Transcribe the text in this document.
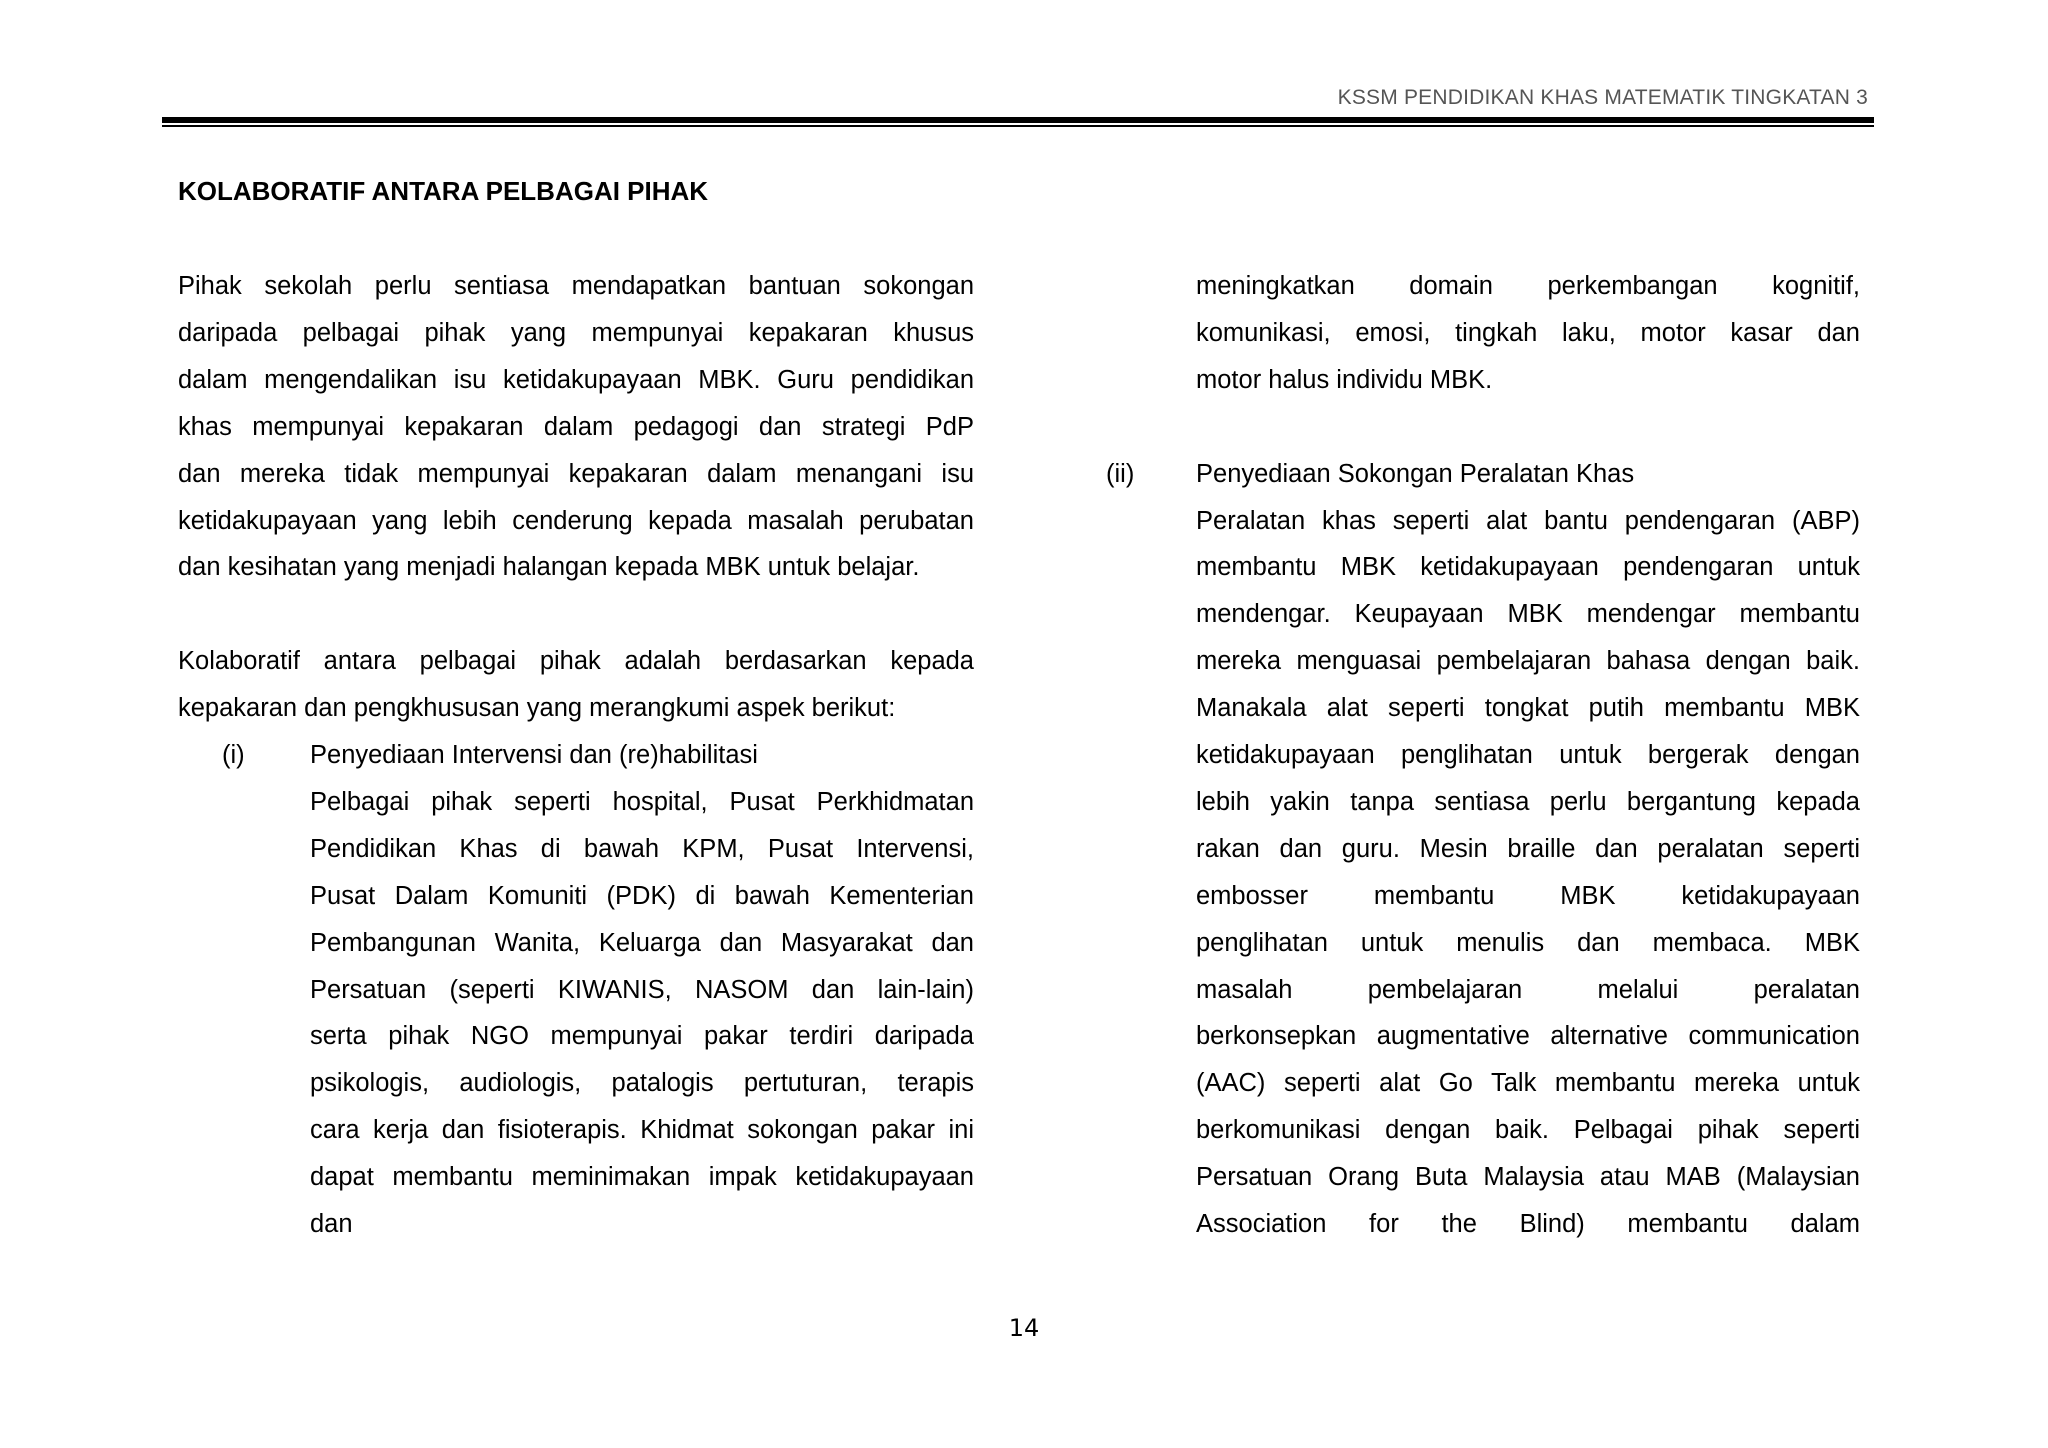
KSSM PENDIDIKAN KHAS MATEMATIK TINGKATAN 3
KOLABORATIF ANTARA PELBAGAI PIHAK

Pihak sekolah perlu sentiasa mendapatkan bantuan sokongan

daripada pelbagai pihak yang mempunyai kepakaran khusus

dalam mengendalikan isu ketidakupayaan MBK. Guru pendidikan

khas mempunyai kepakaran dalam pedagogi dan strategi PdP

dan mereka tidak mempunyai kepakaran dalam menangani isu

ketidakupayaan yang lebih cenderung kepada masalah perubatan

dan kesihatan yang menjadi halangan kepada MBK untuk belajar.

Kolaboratif antara pelbagai pihak adalah berdasarkan kepada

kepakaran dan pengkhususan yang merangkumi aspek berikut:

(i)	Penyediaan Intervensi dan (re)habilitasi

Pelbagai pihak seperti hospital, Pusat Perkhidmatan

Pendidikan Khas di bawah KPM, Pusat Intervensi,

Pusat Dalam Komuniti (PDK) di bawah Kementerian

Pembangunan Wanita, Keluarga dan Masyarakat dan

Persatuan (seperti KIWANIS, NASOM dan lain-lain)

serta pihak NGO mempunyai pakar terdiri daripada

psikologis, audiologis, patalogis pertuturan, terapis

cara kerja dan fisioterapis. Khidmat sokongan pakar ini

dapat membantu meminimakan impak ketidakupayaan

dan

(ii)

meningkatkan domain perkembangan kognitif,

komunikasi, emosi, tingkah laku, motor kasar dan

motor halus individu MBK.

Penyediaan Sokongan Peralatan Khas

Peralatan khas seperti alat bantu pendengaran (ABP)

membantu MBK ketidakupayaan pendengaran untuk

mendengar. Keupayaan MBK mendengar membantu

mereka menguasai pembelajaran bahasa dengan baik.

Manakala alat seperti tongkat putih membantu MBK

ketidakupayaan penglihatan untuk bergerak dengan

lebih yakin tanpa sentiasa perlu bergantung kepada

rakan dan guru. Mesin braille dan peralatan seperti

embosser membantu MBK ketidakupayaan

penglihatan untuk menulis dan membaca. MBK

masalah pembelajaran melalui peralatan

berkonsepkan augmentative alternative communication

(AAC) seperti alat Go Talk membantu mereka untuk

berkomunikasi dengan baik. Pelbagai pihak seperti

Persatuan Orang Buta Malaysia atau MAB (Malaysian

Association for the Blind) membantu dalam

14
